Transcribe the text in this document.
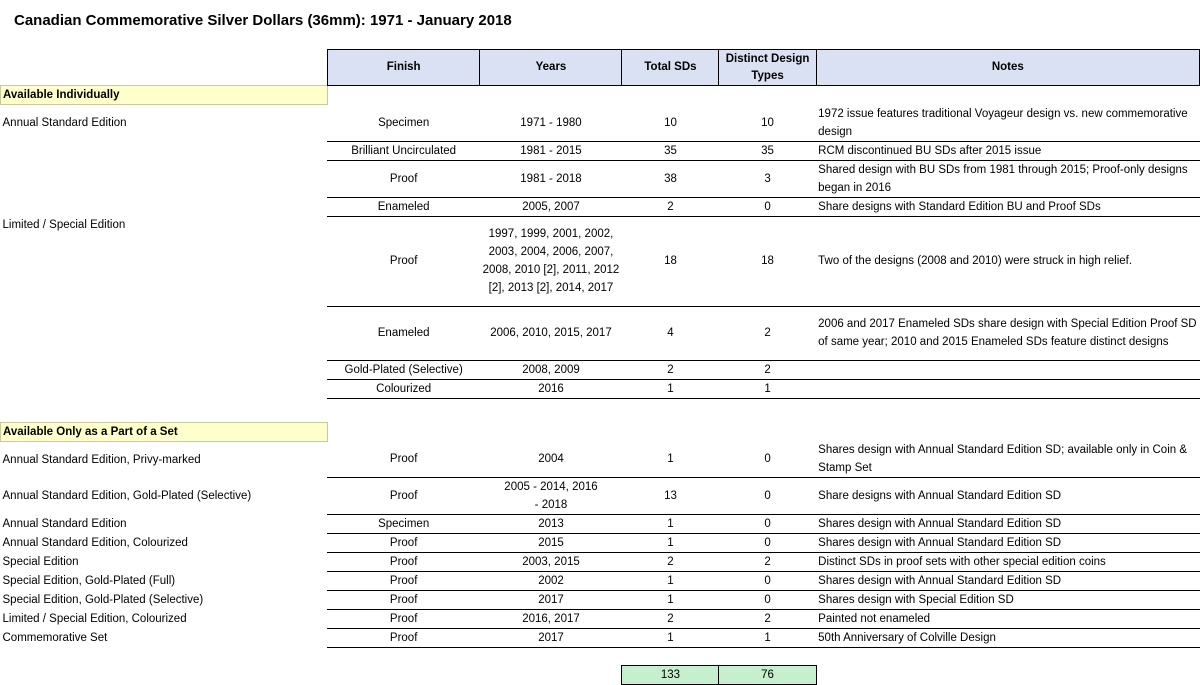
Canadian Commemorative Silver Dollars (36mm): 1971 - January 2018
	Finish	Years	Total SDs	Distinct Design Types	Notes
Available Individually					
Annual Standard Edition	Specimen	1971 - 1980	10	10	1972 issue features traditional Voyageur design vs. new commemorative design
	Brilliant Uncirculated	1981 - 2015	35	35	RCM discontinued BU SDs after 2015 issue
	Proof	1981 - 2018	38	3	Shared design with BU SDs from 1981 through 2015; Proof-only designs began in 2016
	Enameled	2005, 2007	2	0	Share designs with Standard Edition BU and Proof SDs
Limited / Special Edition	Proof	1997, 1999, 2001, 2002, 2003, 2004, 2006, 2007, 2008, 2010 [2], 2011, 2012 [2], 2013 [2], 2014, 2017	18	18	Two of the designs (2008 and 2010) were struck in high relief.
	Enameled	2006, 2010, 2015, 2017	4	2	2006 and 2017 Enameled SDs share design with Special Edition Proof SD of same year; 2010 and 2015 Enameled SDs feature distinct designs
	Gold-Plated (Selective)	2008, 2009	2	2	
	Colourized	2016	1	1	

Available Only as a Part of a Set					
Annual Standard Edition, Privy-marked	Proof	2004	1	0	Shares design with Annual Standard Edition SD; available only in Coin & Stamp Set
Annual Standard Edition, Gold-Plated (Selective)	Proof	2005 - 2014, 2016 - 2018	13	0	Share designs with Annual Standard Edition SD
Annual Standard Edition	Specimen	2013	1	0	Shares design with Annual Standard Edition SD
Annual Standard Edition, Colourized	Proof	2015	1	0	Shares design with Annual Standard Edition SD
Special Edition	Proof	2003, 2015	2	2	Distinct SDs in proof sets with other special edition coins
Special Edition, Gold-Plated (Full)	Proof	2002	1	0	Shares design with Annual Standard Edition SD
Special Edition, Gold-Plated (Selective)	Proof	2017	1	0	Shares design with Special Edition SD
Limited / Special Edition, Colourized	Proof	2016, 2017	2	2	Painted not enameled
Commemorative Set	Proof	2017	1	1	50th Anniversary of Colville Design

			133	76	
